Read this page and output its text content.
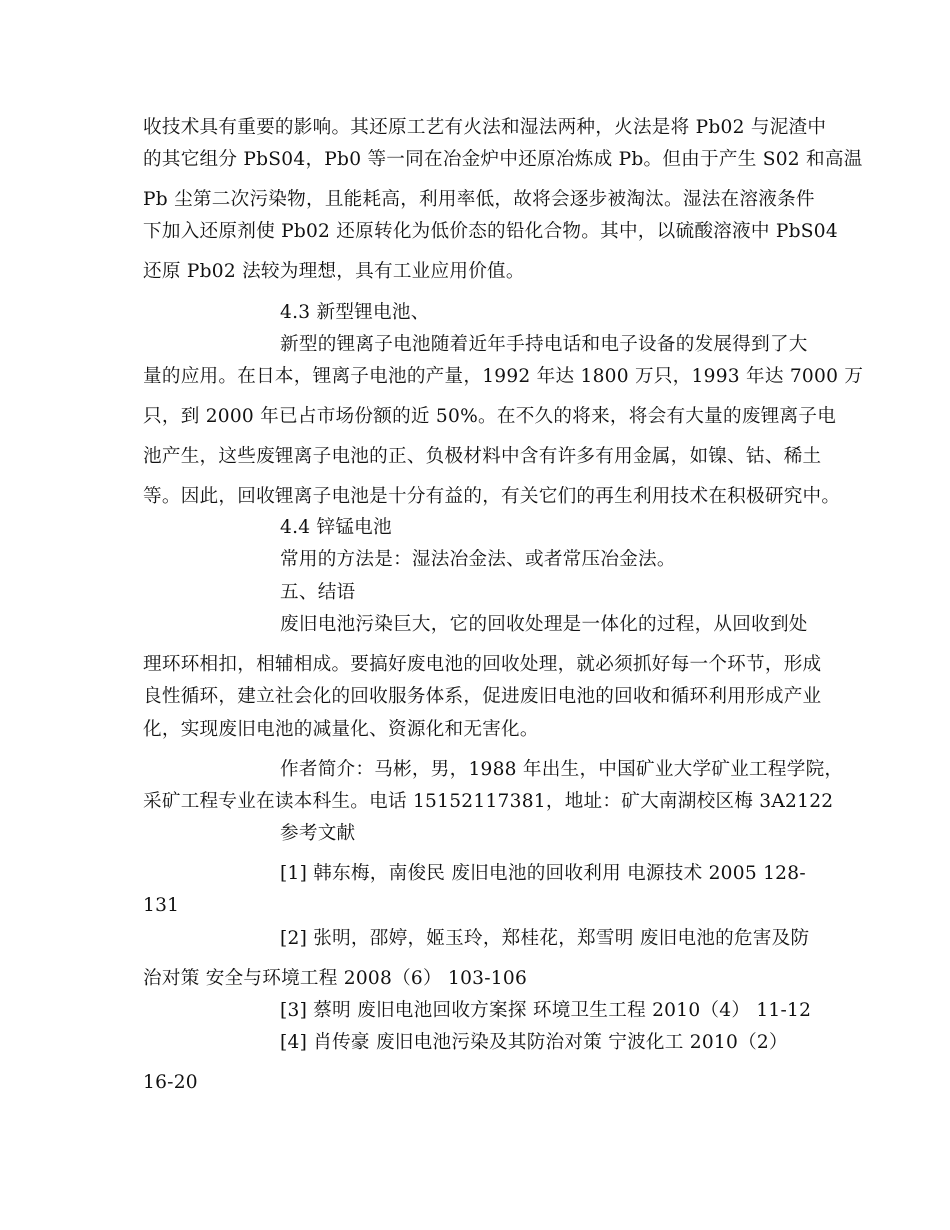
收技术具有重要的影响。其还原工艺有火法和湿法两种，火法是将 Pb02 与泥渣中
的其它组分 PbS04，Pb0 等一同在冶金炉中还原冶炼成 Pb。但由于产生 S02 和高温
Pb 尘第二次污染物，且能耗高，利用率低，故将会逐步被淘汰。湿法在溶液条件
下加入还原剂使 Pb02 还原转化为低价态的铅化合物。其中，以硫酸溶液中 PbS04
还原 Pb02 法较为理想，具有工业应用价值。
4.3 新型锂电池、
新型的锂离子电池随着近年手持电话和电子设备的发展得到了大
量的应用。在日本，锂离子电池的产量，1992 年达 1800 万只，1993 年达 7000 万
只，到 2000 年已占市场份额的近 50%。在不久的将来，将会有大量的废锂离子电
池产生，这些废锂离子电池的正、负极材料中含有许多有用金属，如镍、钴、稀土
等。因此，回收锂离子电池是十分有益的，有关它们的再生利用技术在积极研究中。
4.4 锌锰电池
常用的方法是：湿法冶金法、或者常压冶金法。
五、结语
废旧电池污染巨大，它的回收处理是一体化的过程，从回收到处
理环环相扣，相辅相成。要搞好废电池的回收处理，就必须抓好每一个环节，形成
良性循环，建立社会化的回收服务体系，促进废旧电池的回收和循环利用形成产业
化，实现废旧电池的减量化、资源化和无害化。
作者简介：马彬，男，1988 年出生，中国矿业大学矿业工程学院，
采矿工程专业在读本科生。电话 15152117381，地址：矿大南湖校区梅 3A2122
参考文献
[1] 韩东梅，南俊民 废旧电池的回收利用 电源技术 2005 128-
131
[2] 张明，邵婷，姬玉玲，郑桂花，郑雪明 废旧电池的危害及防
治对策 安全与环境工程 2008（6） 103-106
[3] 蔡明 废旧电池回收方案探 环境卫生工程 2010（4） 11-12
[4] 肖传豪 废旧电池污染及其防治对策 宁波化工 2010（2）
16-20
